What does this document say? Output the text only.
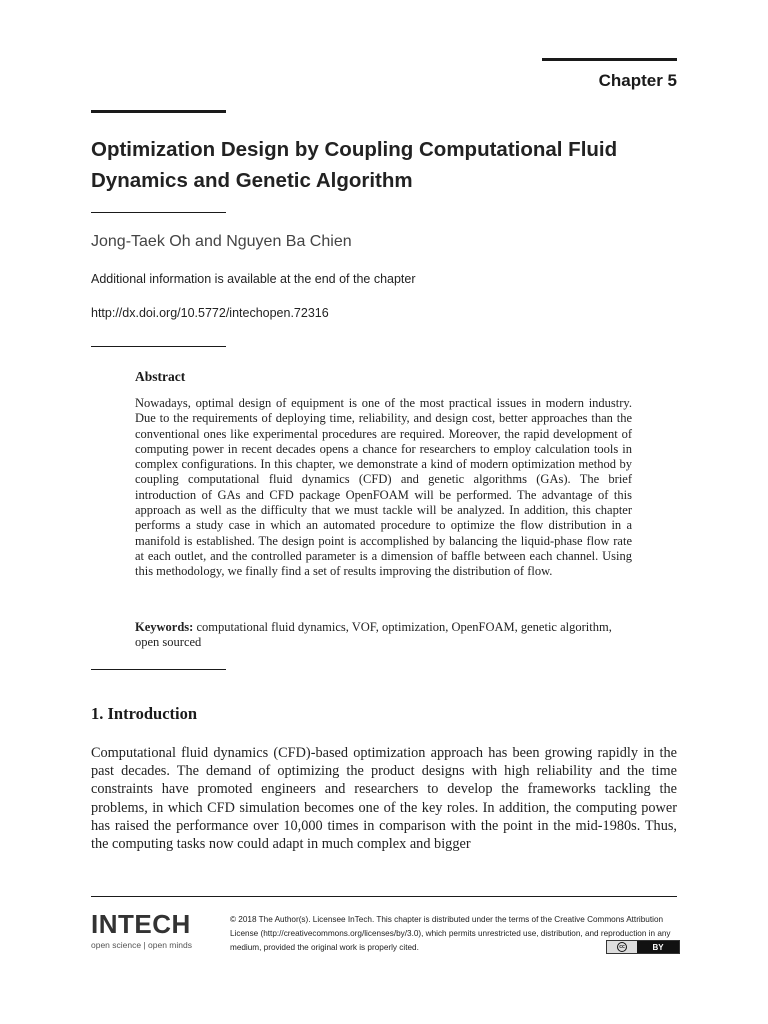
Chapter 5
Optimization Design by Coupling Computational Fluid Dynamics and Genetic Algorithm
Jong-Taek Oh and Nguyen Ba Chien
Additional information is available at the end of the chapter
http://dx.doi.org/10.5772/intechopen.72316
Abstract

Nowadays, optimal design of equipment is one of the most practical issues in modern industry. Due to the requirements of deploying time, reliability, and design cost, better approaches than the conventional ones like experimental procedures are required. Moreover, the rapid development of computing power in recent decades opens a chance for researchers to employ calculation tools in complex configurations. In this chapter, we demonstrate a kind of modern optimization method by coupling computational fluid dynamics (CFD) and genetic algorithms (GAs). The brief introduction of GAs and CFD package OpenFOAM will be performed. The advantage of this approach as well as the difficulty that we must tackle will be analyzed. In addition, this chapter performs a study case in which an automated procedure to optimize the flow distribution in a manifold is established. The design point is accomplished by balancing the liquid-phase flow rate at each outlet, and the controlled parameter is a dimension of baffle between each channel. Using this methodology, we finally find a set of results improving the distribution of flow.

Keywords: computational fluid dynamics, VOF, optimization, OpenFOAM, genetic algorithm, open sourced

1. Introduction

Computational fluid dynamics (CFD)-based optimization approach has been growing rapidly in the past decades. The demand of optimizing the product designs with high reliability and the time constraints have promoted engineers and researchers to develop the frameworks tackling the problems, in which CFD simulation becomes one of the key roles. In addition, the computing power has raised the performance over 10,000 times in comparison with the point in the mid-1980s. Thus, the computing tasks now could adapt in much complex and bigger

INTECH
open science | open minds

© 2018 The Author(s). Licensee InTech. This chapter is distributed under the terms of the Creative Commons Attribution License (http://creativecommons.org/licenses/by/3.0), which permits unrestricted use, distribution, and reproduction in any medium, provided the original work is properly cited.	cc	BY
